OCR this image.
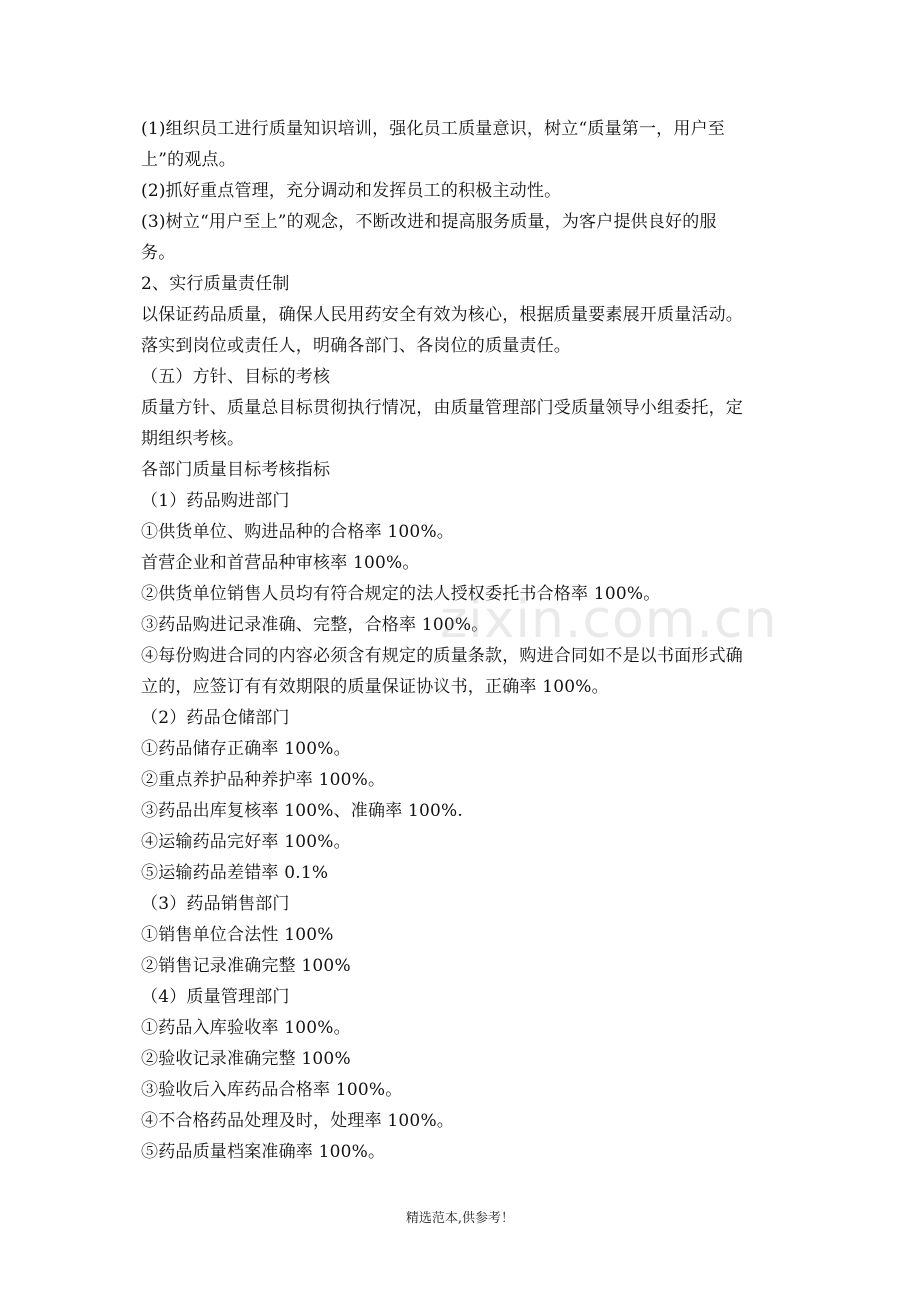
(1)组织员工进行质量知识培训，强化员工质量意识，树立“质量第一，用户至
上”的观点。
(2)抓好重点管理，充分调动和发挥员工的积极主动性。
(3)树立“用户至上”的观念，不断改进和提高服务质量，为客户提供良好的服
务。
2、实行质量责任制
以保证药品质量，确保人民用药安全有效为核心，根据质量要素展开质量活动。
落实到岗位或责任人，明确各部门、各岗位的质量责任。
（五）方针、目标的考核
质量方针、质量总目标贯彻执行情况，由质量管理部门受质量领导小组委托，定
期组织考核。
各部门质量目标考核指标
（1）药品购进部门
①供货单位、购进品种的合格率 100%。
首营企业和首营品种审核率 100%。
②供货单位销售人员均有符合规定的法人授权委托书合格率 100%。
③药品购进记录准确、完整，合格率 100%。
④每份购进合同的内容必须含有规定的质量条款，购进合同如不是以书面形式确
立的，应签订有有效期限的质量保证协议书，正确率 100%。
（2）药品仓储部门
①药品储存正确率 100%。
②重点养护品种养护率 100%。
③药品出库复核率 100%、准确率 100%.
④运输药品完好率 100%。
⑤运输药品差错率 0.1%
（3）药品销售部门
①销售单位合法性 100%
②销售记录准确完整 100%
（4）质量管理部门
①药品入库验收率 100%。
②验收记录准确完整 100%
③验收后入库药品合格率 100%。
④不合格药品处理及时，处理率 100%。
⑤药品质量档案准确率 100%。
zixin.com.cn
精选范本,供参考！
